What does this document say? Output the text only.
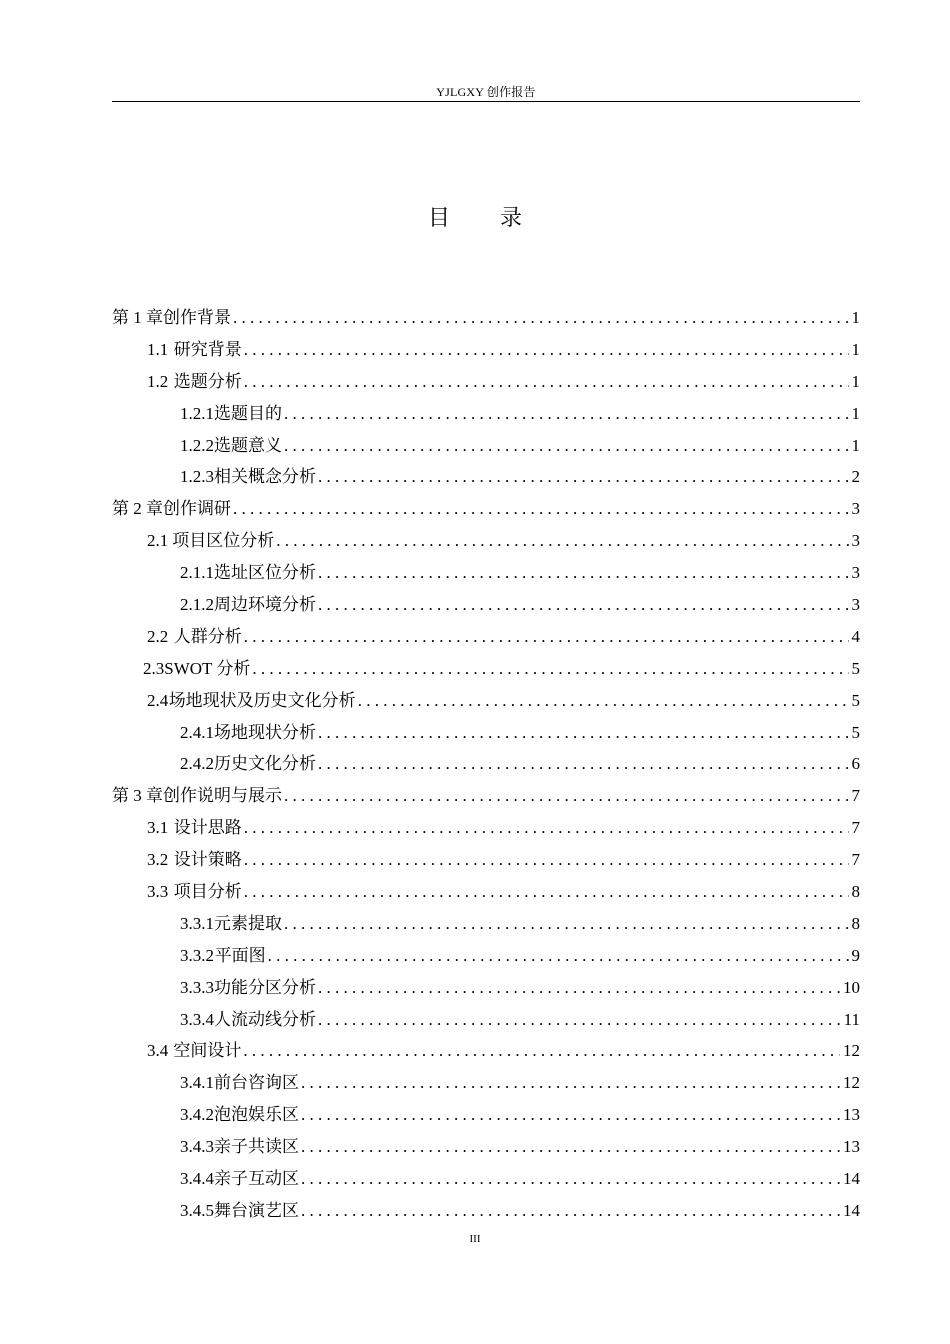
YJLGXY 创作报告
目 录
第 1 章 创作背景 . . .	1
1.1 研究背景 . . .	1
1.2 选题分析 . . .	1
1.2.1 选题目的 . . .	1
1.2.2 选题意义 . . .	1
1.2.3 相关概念分析 . . .	2
第 2 章 创作调研 . . .	3
2.1 项目区位分析 . . .	3
2.1.1 选址区位分析 . . .	3
2.1.2 周边环境分析 . . .	3
2.2 人群分析 . . .	4
2.3 SWOT 分析 . . .	5
2.4 场地现状及历史文化分析 . . .	5
2.4.1 场地现状分析 . . .	5
2.4.2 历史文化分析 . . .	6
第 3 章 创作说明与展示 . . .	7
3.1 设计思路 . . .	7
3.2 设计策略 . . .	7
3.3 项目分析 . . .	8
3.3.1 元素提取 . . .	8
3.3.2 平面图 . . .	9
3.3.3 功能分区分析 . . .	10
3.3.4 人流动线分析 . . .	11
3.4 空间设计 . . .	12
3.4.1 前台咨询区 . . .	12
3.4.2 泡泡娱乐区 . . .	13
3.4.3 亲子共读区 . . .	13
3.4.4 亲子互动区 . . .	14
3.4.5 舞台演艺区 . . .	14
III
